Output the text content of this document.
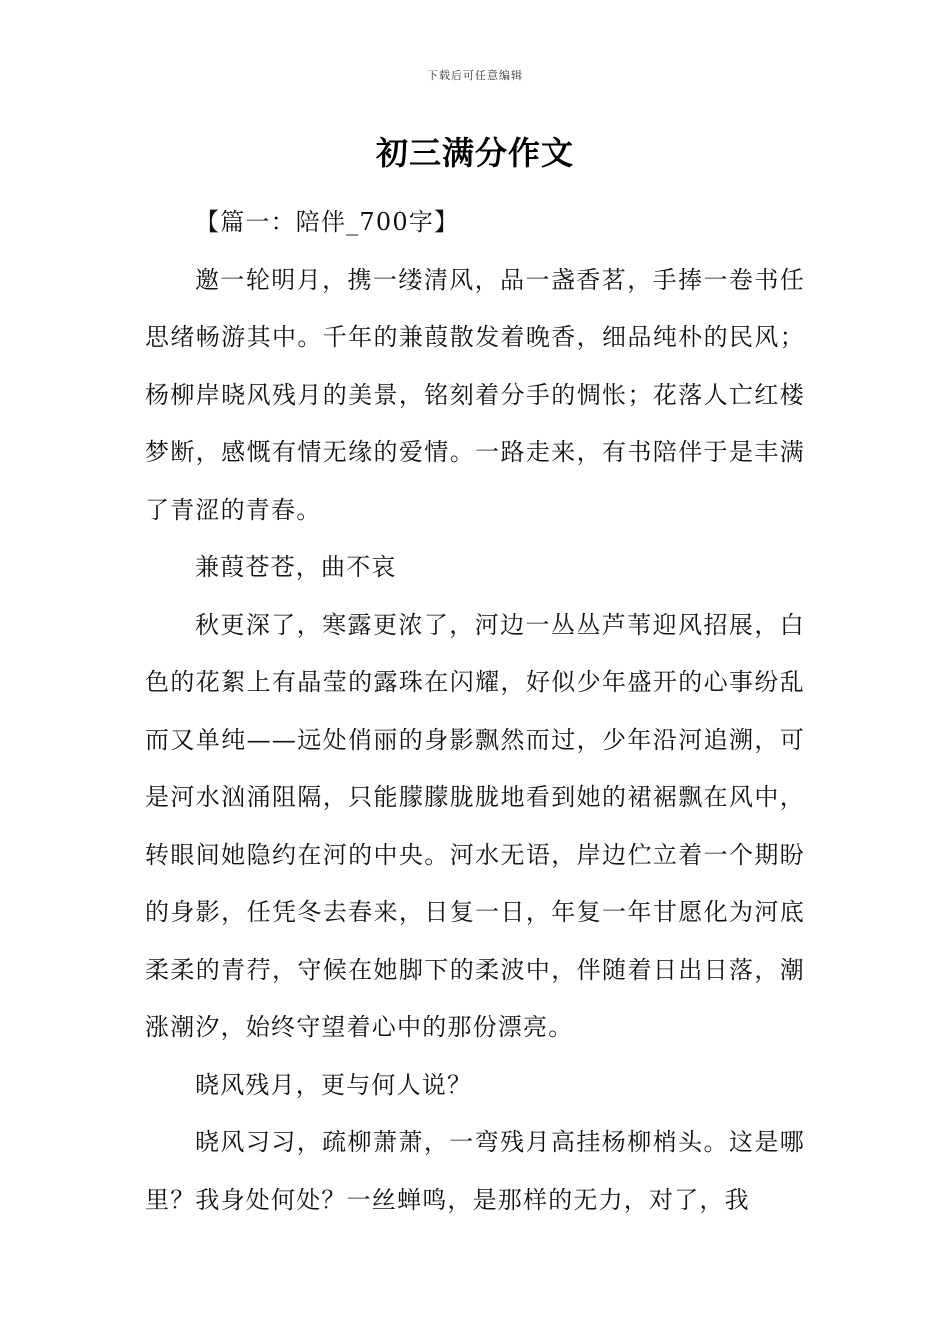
下载后可任意编辑
初三满分作文

【篇一：陪伴_700字】

邀一轮明月，携一缕清风，品一盏香茗，手捧一卷书任思绪畅游其中。千年的兼葭散发着晚香，细品纯朴的民风；杨柳岸晓风残月的美景，铭刻着分手的惆怅；花落人亡红楼梦断，感慨有情无缘的爱情。一路走来，有书陪伴于是丰满了青涩的青春。

兼葭苍苍，曲不哀

秋更深了，寒露更浓了，河边一丛丛芦苇迎风招展，白色的花絮上有晶莹的露珠在闪耀，好似少年盛开的心事纷乱而又单纯——远处俏丽的身影飘然而过，少年沿河追溯，可是河水汹涌阻隔，只能朦朦胧胧地看到她的裙裾飘在风中，转眼间她隐约在河的中央。河水无语，岸边伫立着一个期盼的身影，任凭冬去春来，日复一日，年复一年甘愿化为河底柔柔的青荇，守候在她脚下的柔波中，伴随着日出日落，潮涨潮汐，始终守望着心中的那份漂亮。

晓风残月，更与何人说？

晓风习习，疏柳萧萧，一弯残月高挂杨柳梢头。这是哪里？我身处何处？一丝蝉鸣，是那样的无力，对了，我
